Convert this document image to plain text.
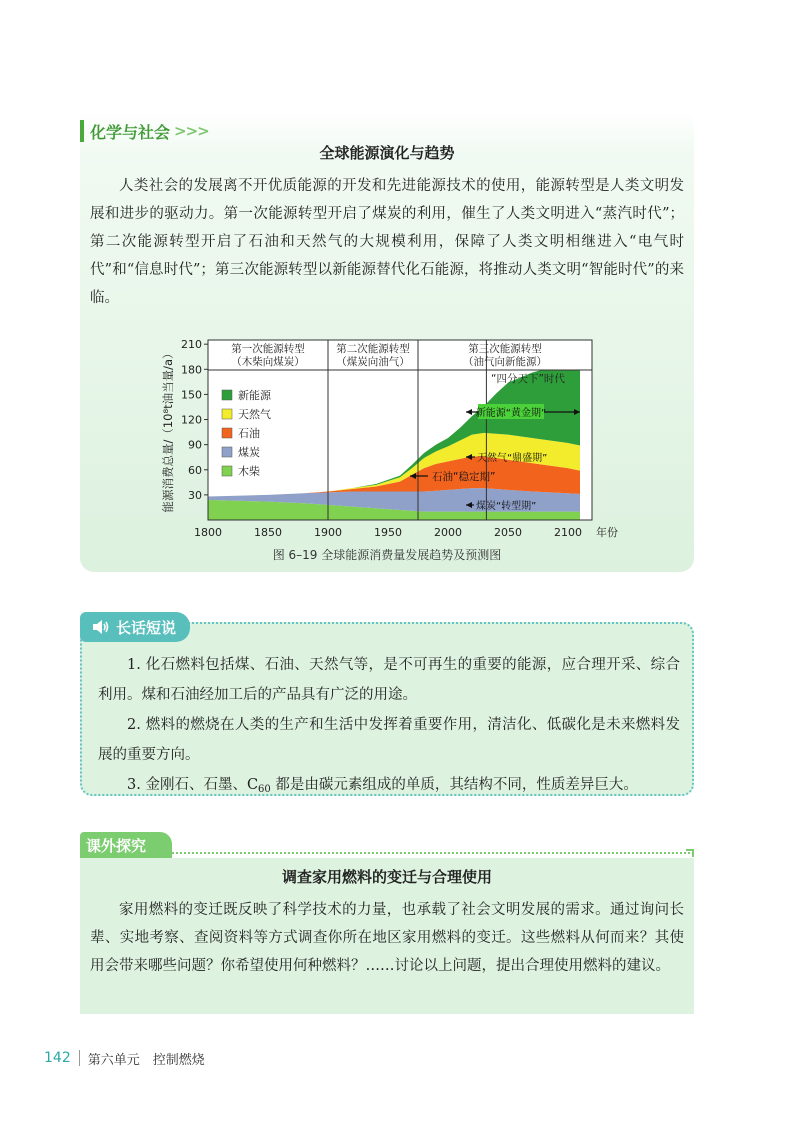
化学与社会 >>>
全球能源演化与趋势

人类社会的发展离不开优质能源的开发和先进能源技术的使用，能源转型是人类文明发展和进步的驱动力。第一次能源转型开启了煤炭的利用，催生了人类文明进入“蒸汽时代”；第二次能源转型开启了石油和天然气的大规模利用，保障了人类文明相继进入“电气时代”和“信息时代”；第三次能源转型以新能源替代化石能源，将推动人类文明“智能时代”的来临。

第一次能源转型
（木柴向煤炭）
第二次能源转型
（煤炭向油气）
第三次能源转型
（油气向新能源）
“四分天下”时代
30
60
90
120
150
180
210
1800	1850	1900	1950	2000	2050	2100 年份
能源消费总量/（10⁸t油当量/a）	新能源
天然气
石油
煤炭
木柴	石油“稳定期”
新能源“黄金期”
天然气“鼎盛期”
煤炭“转型期”
图 6–19 全球能源消费量发展趋势及预测图
长话短说

1. 化石燃料包括煤、石油、天然气等，是不可再生的重要的能源，应合理开采、综合利用。煤和石油经加工后的产品具有广泛的用途。

2. 燃料的燃烧在人类的生产和生活中发挥着重要作用，清洁化、低碳化是未来燃料发展的重要方向。

3. 金刚石、石墨、$C_{60}$ 都是由碳元素组成的单质，其结构不同，性质差异巨大。

课外探究
调查家用燃料的变迁与合理使用

家用燃料的变迁既反映了科学技术的力量，也承载了社会文明发展的需求。通过询问长辈、实地考察、查阅资料等方式调查你所在地区家用燃料的变迁。这些燃料从何而来？其使用会带来哪些问题？你希望使用何种燃料？……讨论以上问题，提出合理使用燃料的建议。

142 第六单元　控制燃烧
